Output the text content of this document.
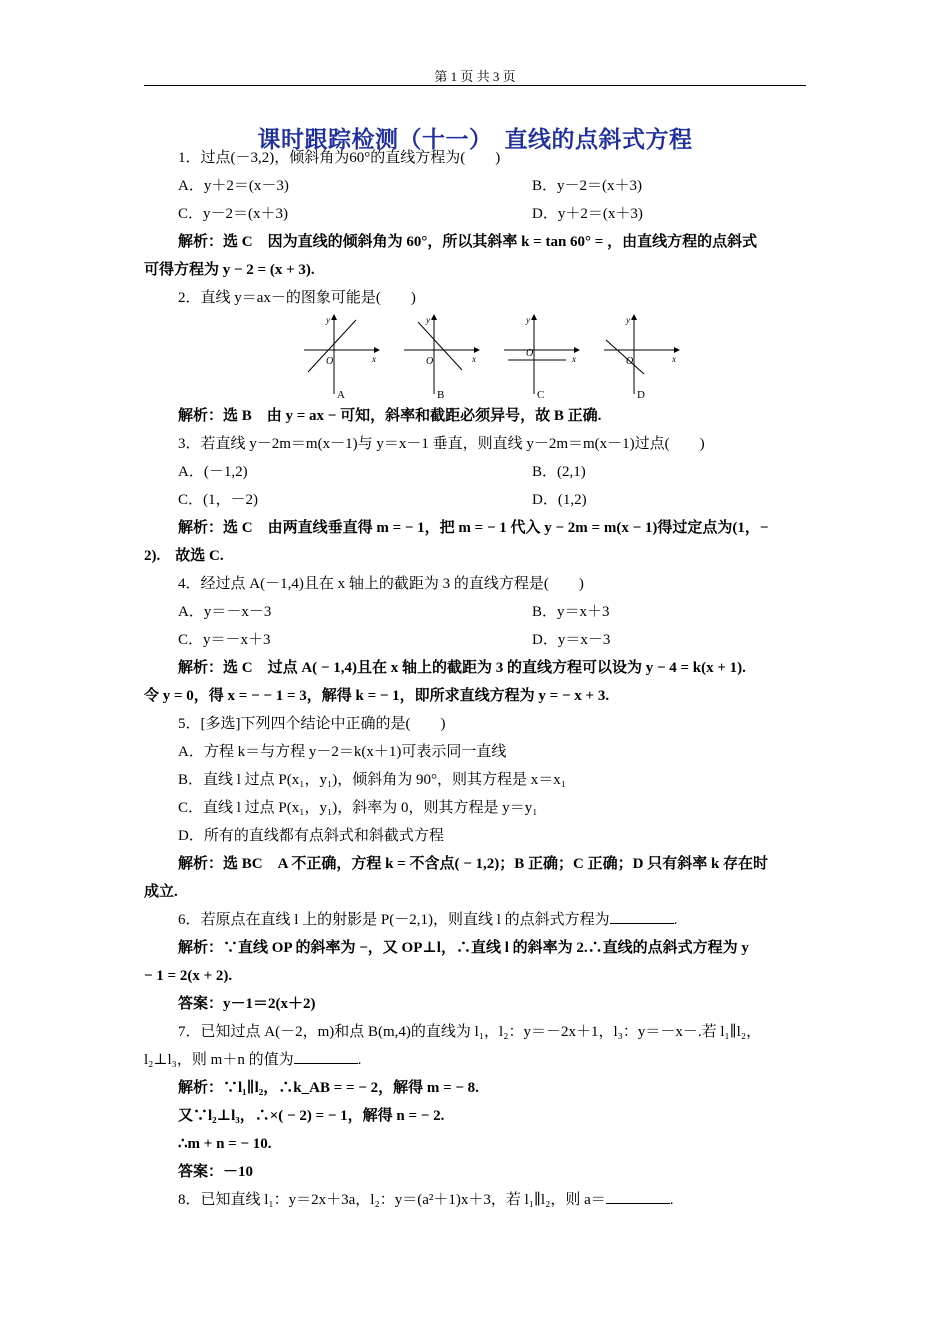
第 1 页 共 3 页
课时跟踪检测（十一）　直线的点斜式方程
1．过点(－3,2)，倾斜角为60°的直线方程为(　　)
A．y＋2＝(x－3)	B．y－2＝(x＋3)
C．y－2＝(x＋3)	D．y＋2＝(x＋3)
解析：选 C　因为直线的倾斜角为 60°，所以其斜率 k = tan 60° = ，由直线方程的点斜式
可得方程为 y − 2 = (x + 3).
2．直线 y＝ax－的图象可能是(　　)
y
x
O
A
y
x
O
B
y
x
O
C
y
x
O
D
解析：选 B　由 y = ax − 可知，斜率和截距必须异号，故 B 正确.
3．若直线 y－2m＝m(x－1)与 y＝x－1 垂直，则直线 y－2m＝m(x－1)过点(　　)
A．(－1,2)	B．(2,1)
C．(1，－2)	D．(1,2)
解析：选 C　由两直线垂直得 m = − 1，把 m = − 1 代入 y − 2m = m(x − 1)得过定点为(1，−
2).　故选 C.
4．经过点 A(－1,4)且在 x 轴上的截距为 3 的直线方程是(　　)
A．y＝－x－3	B．y＝x＋3
C．y＝－x＋3	D．y＝x－3
解析：选 C　过点 A( − 1,4)且在 x 轴上的截距为 3 的直线方程可以设为 y − 4 = k(x + 1).
令 y = 0，得 x = − − 1 = 3，解得 k = − 1，即所求直线方程为 y = − x + 3.
5．[多选]下列四个结论中正确的是(　　)
A．方程 k＝与方程 y－2＝k(x＋1)可表示同一直线
B．直线 l 过点 P(x₁，y₁)，倾斜角为 90°，则其方程是 x＝x₁
C．直线 l 过点 P(x₁，y₁)，斜率为 0，则其方程是 y＝y₁
D．所有的直线都有点斜式和斜截式方程
解析：选 BC　A 不正确，方程 k = 不含点( − 1,2)；B 正确；C 正确；D 只有斜率 k 存在时
成立.
6．若原点在直线 l 上的射影是 P(－2,1)，则直线 l 的点斜式方程为	.
解析：∵直线 OP 的斜率为 −，又 OP⊥l，∴直线 l 的斜率为 2.∴直线的点斜式方程为 y
− 1 = 2(x + 2).
答案：y－1＝2(x＋2)
7．已知过点 A(－2，m)和点 B(m,4)的直线为 l₁，l₂：y＝－2x＋1，l₃：y＝－x－.若 l₁∥l₂，
l₂⊥l₃，则 m＋n 的值为	.
解析：∵l₁∥l₂，∴k_AB = = − 2，解得 m = − 8.
又∵l₂⊥l₃，∴×( − 2) = − 1，解得 n = − 2.
∴m + n = − 10.
答案：－10
8．已知直线 l₁：y＝2x＋3a，l₂：y＝(a²＋1)x＋3，若 l₁∥l₂，则 a＝	.
